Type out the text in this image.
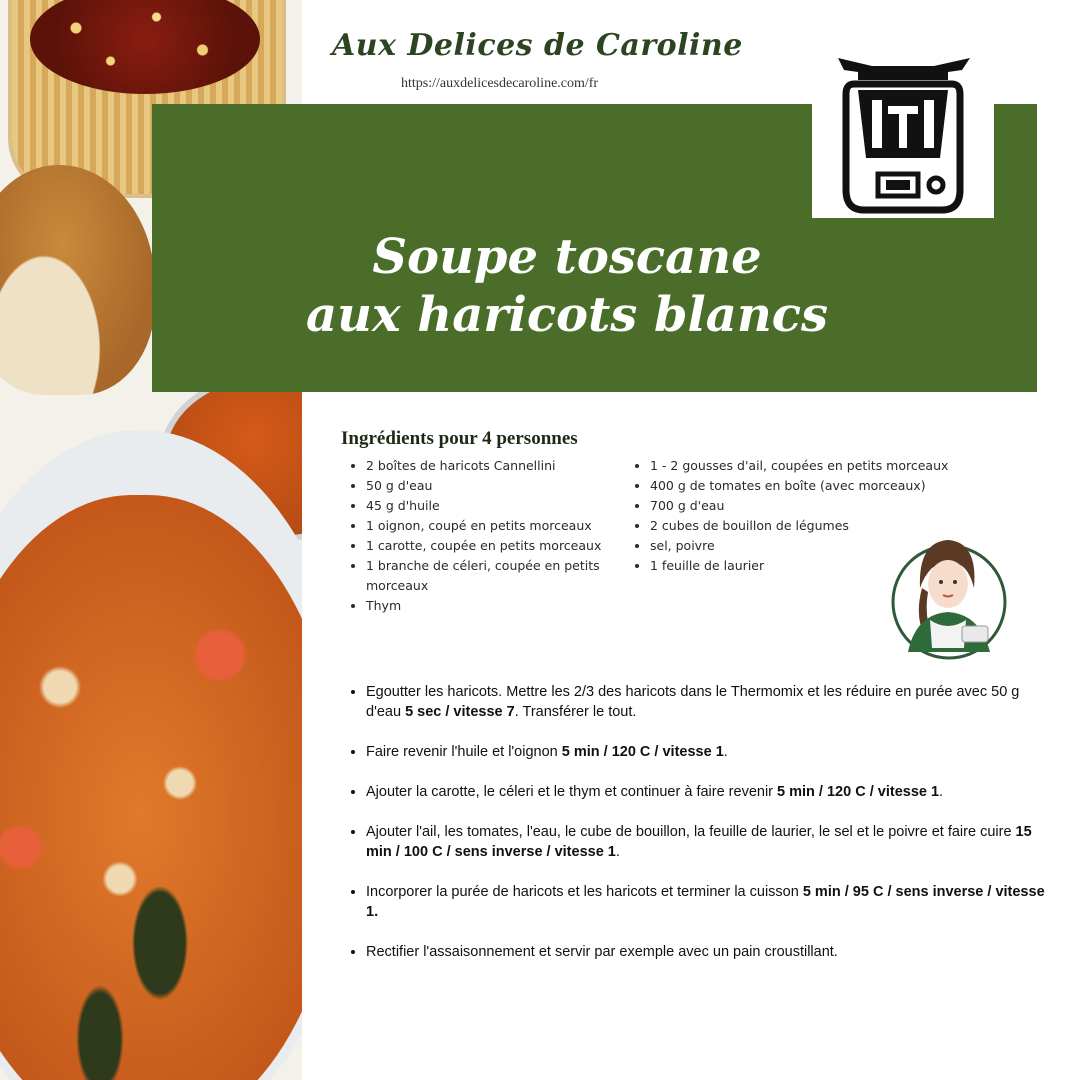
Aux Delices de Caroline
https://auxdelicesdecaroline.com/fr
Soupe toscane
aux haricots blancs
Ingrédients pour 4 personnes
• 2 boîtes de haricots Cannellini
• 50 g d'eau
• 45 g d'huile
• 1 oignon, coupé en petits morceaux
• 1 carotte, coupée en petits morceaux
• 1 branche de céleri, coupée en petits morceaux
• Thym
• 1 - 2 gousses d'ail, coupées en petits morceaux
• 400 g de tomates en boîte (avec morceaux)
• 700 g d'eau
• 2 cubes de bouillon de légumes
• sel, poivre
• 1 feuille de laurier
• Egoutter les haricots. Mettre les 2/3 des haricots dans le Thermomix et les réduire en purée avec 50 g d'eau 5 sec / vitesse 7. Transférer le tout.
• Faire revenir l'huile et l'oignon 5 min / 120 C / vitesse 1.
• Ajouter la carotte, le céleri et le thym et continuer à faire revenir 5 min / 120 C / vitesse 1.
• Ajouter l'ail, les tomates, l'eau, le cube de bouillon, la feuille de laurier, le sel et le poivre et faire cuire 15 min / 100 C / sens inverse / vitesse 1.
• Incorporer la purée de haricots et les haricots et terminer la cuisson 5 min / 95 C / sens inverse / vitesse 1.
• Rectifier l'assaisonnement et servir par exemple avec un pain croustillant.
